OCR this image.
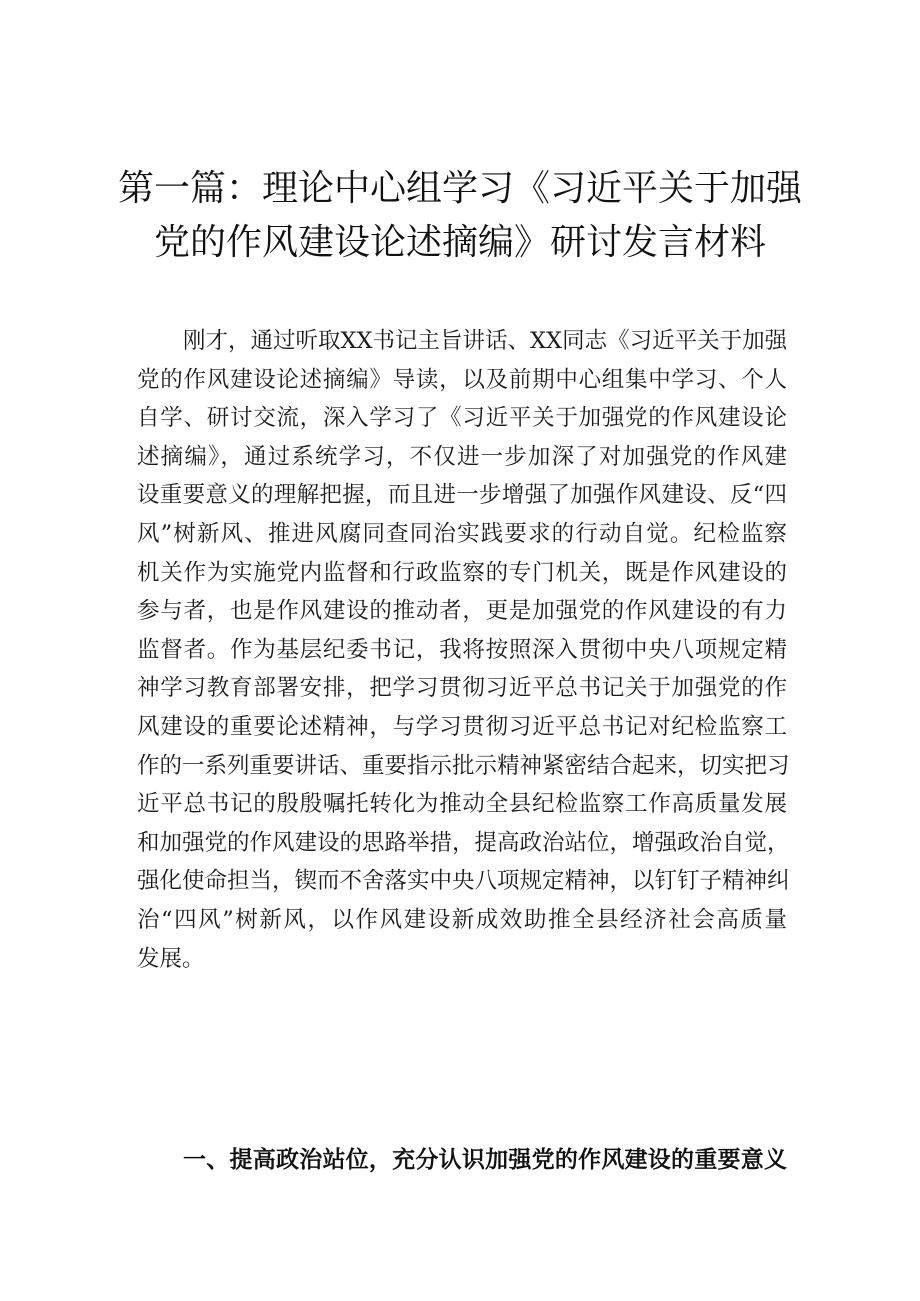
第一篇：理论中心组学习《习近平关于加强
党的作风建设论述摘编》研讨发言材料
刚才，通过听取XX书记主旨讲话、XX同志《习近平关于加强
党的作风建设论述摘编》导读，以及前期中心组集中学习、个人
自学、研讨交流，深入学习了《习近平关于加强党的作风建设论
述摘编》，通过系统学习，不仅进一步加深了对加强党的作风建
设重要意义的理解把握，而且进一步增强了加强作风建设、反“四
风”树新风、推进风腐同查同治实践要求的行动自觉。纪检监察
机关作为实施党内监督和行政监察的专门机关，既是作风建设的
参与者，也是作风建设的推动者，更是加强党的作风建设的有力
监督者。作为基层纪委书记，我将按照深入贯彻中央八项规定精
神学习教育部署安排，把学习贯彻习近平总书记关于加强党的作
风建设的重要论述精神，与学习贯彻习近平总书记对纪检监察工
作的一系列重要讲话、重要指示批示精神紧密结合起来，切实把习
近平总书记的殷殷嘱托转化为推动全县纪检监察工作高质量发展
和加强党的作风建设的思路举措，提高政治站位，增强政治自觉，
强化使命担当，锲而不舍落实中央八项规定精神，以钉钉子精神纠
治“四风”树新风，以作风建设新成效助推全县经济社会高质量
发展。
一、提高政治站位，充分认识加强党的作风建设的重要意义
